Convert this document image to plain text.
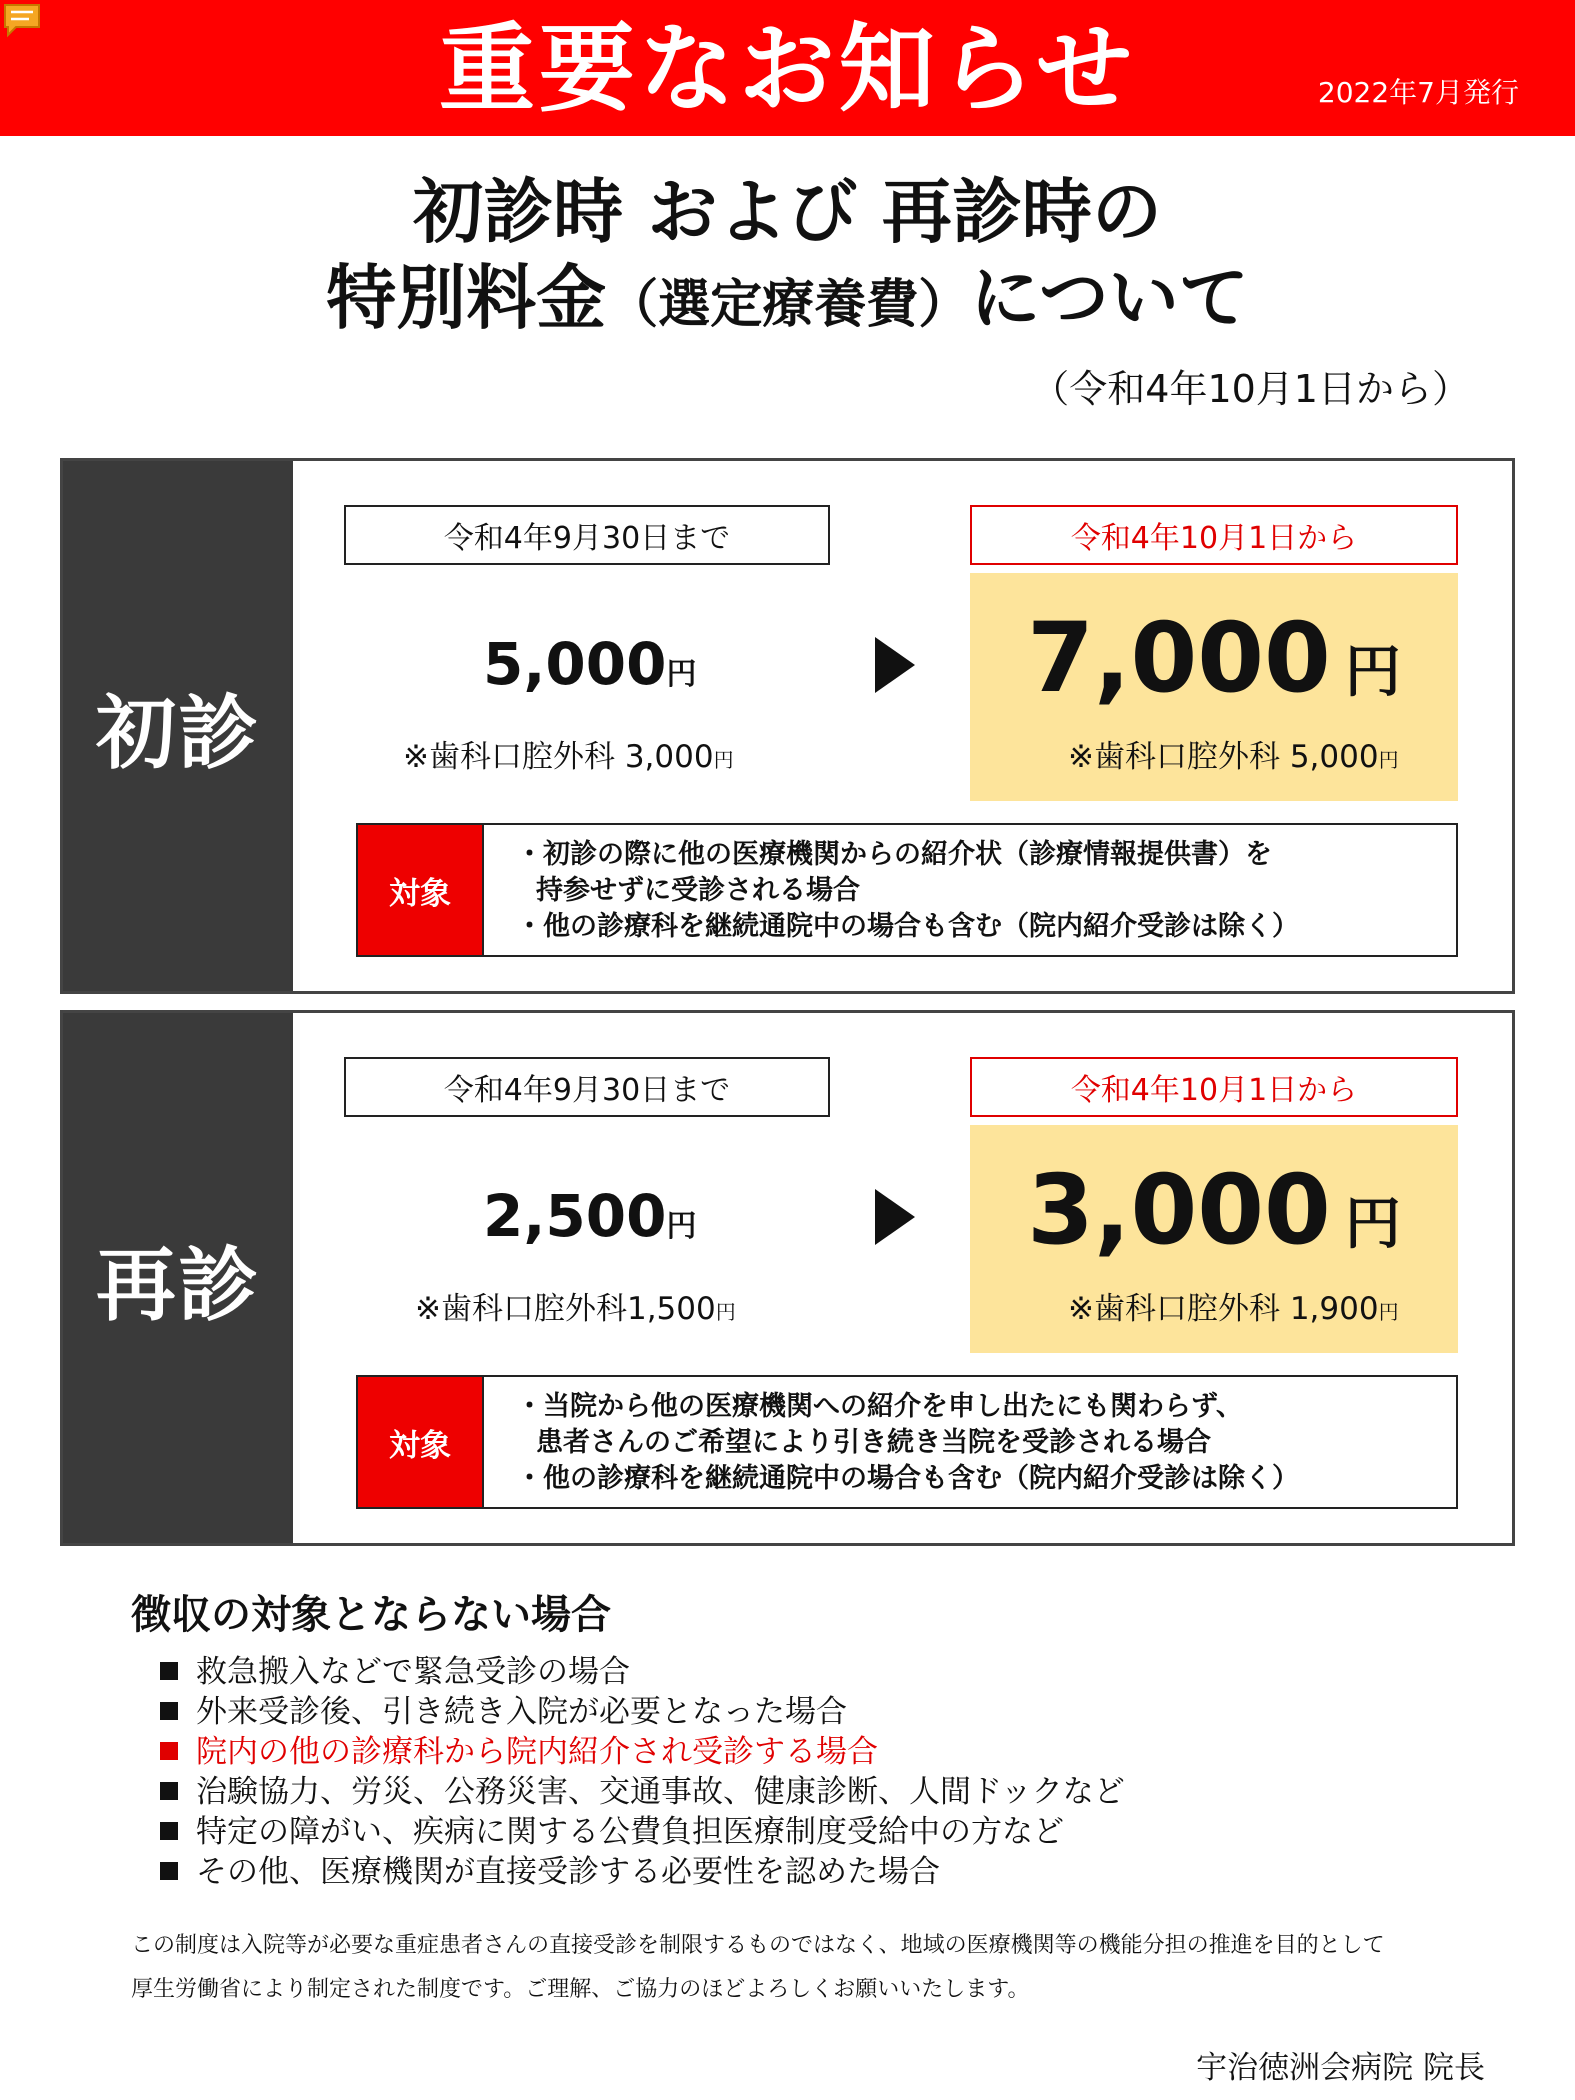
重要なお知らせ	2022年7月発行
初診時 および 再診時の
特別料金（選定療養費）について
（令和4年10月1日から）
初診
令和4年9月30日まで	令和4年10月1日から
5,000円
※歯科口腔外科 3,000円
7,000 円
※歯科口腔外科 5,000円
対象
・初診の際に他の医療機関からの紹介状（診療情報提供書）を
持参せずに受診される場合
・他の診療科を継続通院中の場合も含む（院内紹介受診は除く）
再診
令和4年9月30日まで	令和4年10月1日から
2,500円
※歯科口腔外科1,500円
3,000 円
※歯科口腔外科 1,900円
対象
・当院から他の医療機関への紹介を申し出たにも関わらず、
患者さんのご希望により引き続き当院を受診される場合
・他の診療科を継続通院中の場合も含む（院内紹介受診は除く）
徴収の対象とならない場合
救急搬入などで緊急受診の場合
外来受診後、引き続き入院が必要となった場合
院内の他の診療科から院内紹介され受診する場合
治験協力、労災、公務災害、交通事故、健康診断、人間ドックなど
特定の障がい、疾病に関する公費負担医療制度受給中の方など
その他、医療機関が直接受診する必要性を認めた場合
この制度は入院等が必要な重症患者さんの直接受診を制限するものではなく、地域の医療機関等の機能分担の推進を目的として
厚生労働省により制定された制度です。ご理解、ご協力のほどよろしくお願いいたします。
宇治徳洲会病院 院長
